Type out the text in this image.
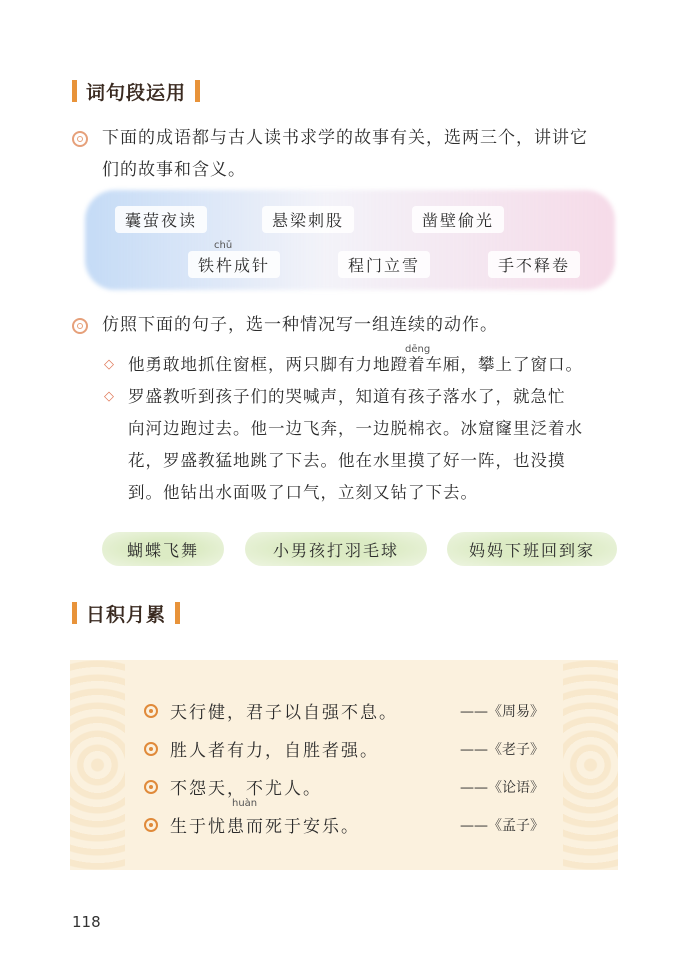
词句段运用
下面的成语都与古人读书求学的故事有关，选两三个，讲讲它
们的故事和含义。
囊萤夜读	悬梁刺股	凿壁偷光
chǔ
铁杵成针	程门立雪	手不释卷
仿照下面的句子，选一种情况写一组连续的动作。
dēng
◇ 他勇敢地抓住窗框，两只脚有力地蹬着车厢，攀上了窗口。
◇ 罗盛教听到孩子们的哭喊声，知道有孩子落水了，就急忙
向河边跑过去。他一边飞奔，一边脱棉衣。冰窟窿里泛着水
花，罗盛教猛地跳了下去。他在水里摸了好一阵，也没摸
到。他钻出水面吸了口气，立刻又钻了下去。
蝴蝶飞舞	小男孩打羽毛球	妈妈下班回到家
日积月累
天行健，君子以自强不息。	——《周易》
胜人者有力，自胜者强。	——《老子》
不怨天，不尤人。	——《论语》
huàn
生于忧患而死于安乐。	——《孟子》
118
